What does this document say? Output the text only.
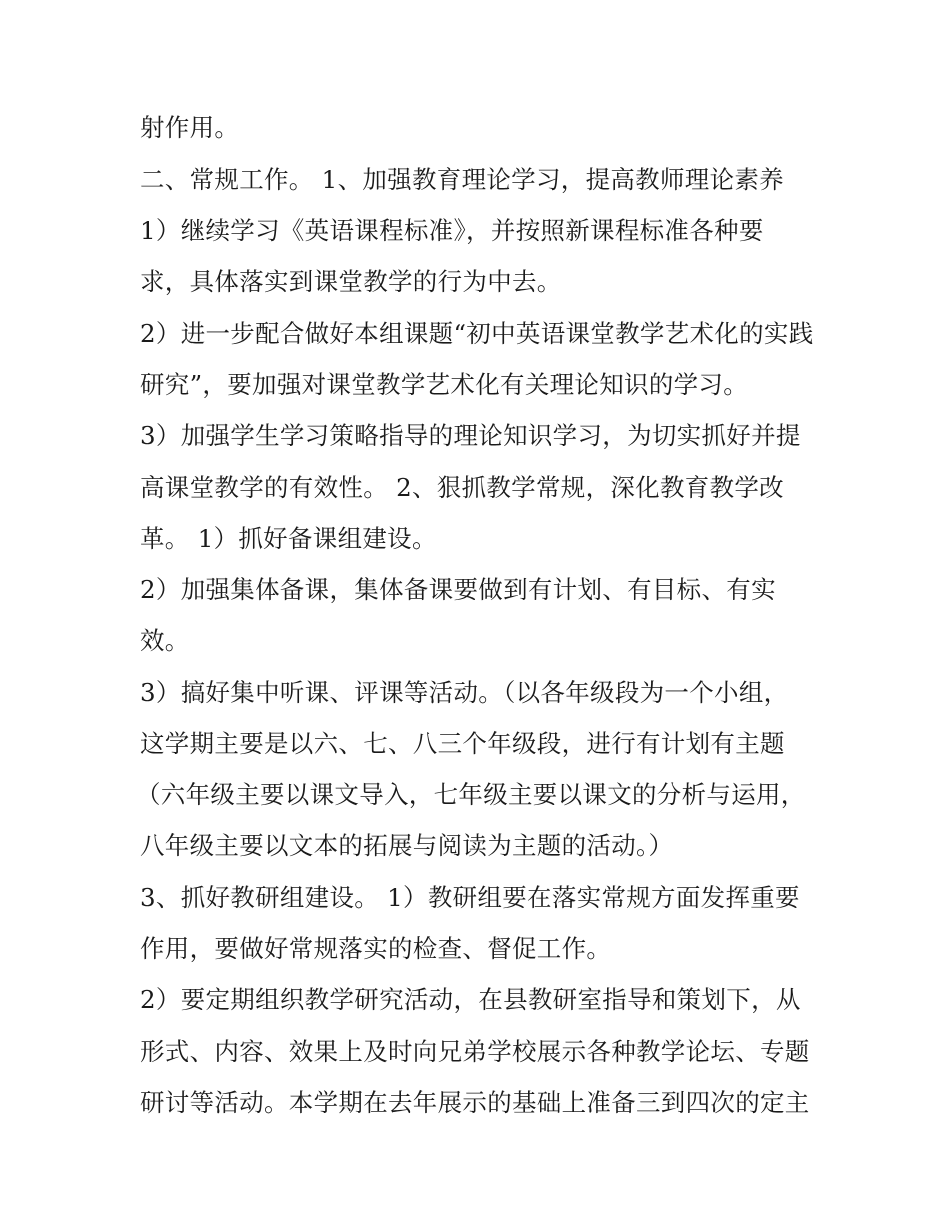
射作用。
二、常规工作。 1、加强教育理论学习，提高教师理论素养
1）继续学习《英语课程标准》，并按照新课程标准各种要
求，具体落实到课堂教学的行为中去。
2）进一步配合做好本组课题“初中英语课堂教学艺术化的实践
研究”，要加强对课堂教学艺术化有关理论知识的学习。
3）加强学生学习策略指导的理论知识学习，为切实抓好并提
高课堂教学的有效性。 2、狠抓教学常规，深化教育教学改
革。 1）抓好备课组建设。
2）加强集体备课，集体备课要做到有计划、有目标、有实
效。
3）搞好集中听课、评课等活动。（以各年级段为一个小组，
这学期主要是以六、七、八三个年级段，进行有计划有主题
（六年级主要以课文导入，七年级主要以课文的分析与运用，
八年级主要以文本的拓展与阅读为主题的活动。）
3、抓好教研组建设。 1）教研组要在落实常规方面发挥重要
作用，要做好常规落实的检查、督促工作。
2）要定期组织教学研究活动，在县教研室指导和策划下，从
形式、内容、效果上及时向兄弟学校展示各种教学论坛、专题
研讨等活动。本学期在去年展示的基础上准备三到四次的定主
